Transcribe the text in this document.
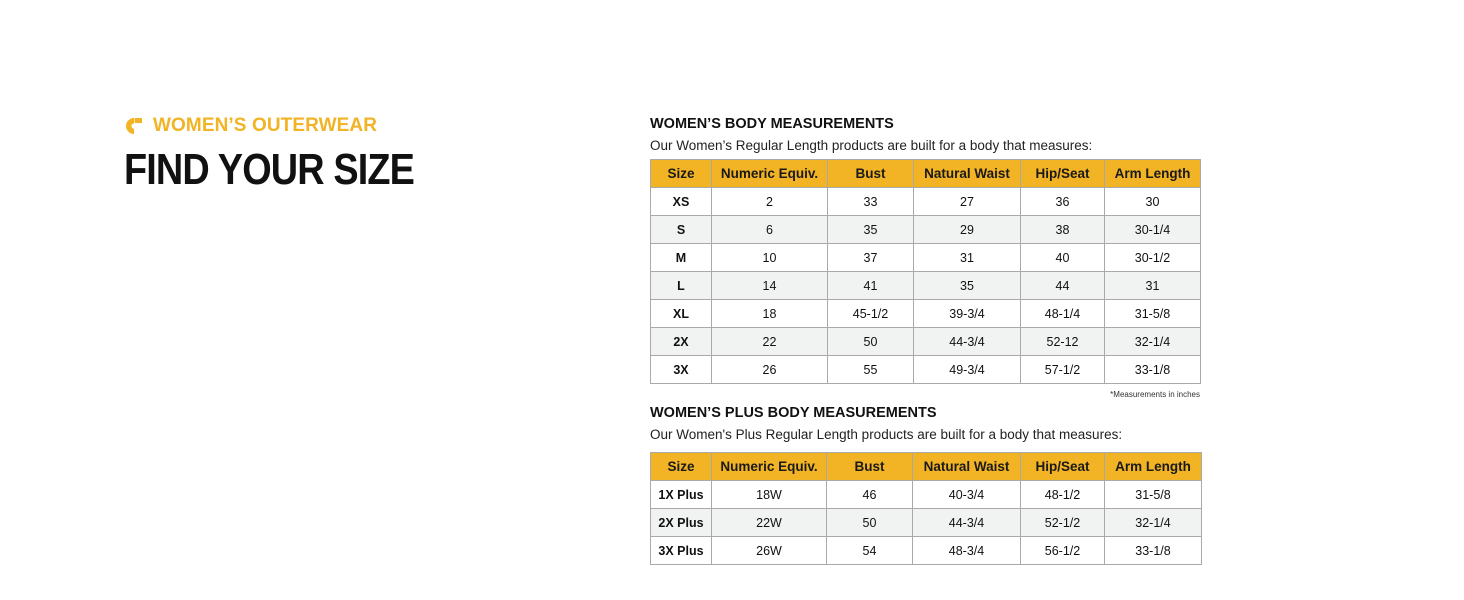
WOMEN’S OUTERWEAR
FIND YOUR SIZE
WOMEN’S BODY MEASUREMENTS

Our Women’s Regular Length products are built for a body that measures:

Size	Numeric Equiv.	Bust	Natural Waist	Hip/Seat	Arm Length
XS	2	33	27	36	30
S	6	35	29	38	30-1/4
M	10	37	31	40	30-1/2
L	14	41	35	44	31
XL	18	45-1/2	39-3/4	48-1/4	31-5/8
2X	22	50	44-3/4	52-12	32-1/4
3X	26	55	49-3/4	57-1/2	33-1/8
*Measurements in inches
WOMEN’S PLUS BODY MEASUREMENTS

Our Women's Plus Regular Length products are built for a body that measures:

Size	Numeric Equiv.	Bust	Natural Waist	Hip/Seat	Arm Length
1X Plus	18W	46	40-3/4	48-1/2	31-5/8
2X Plus	22W	50	44-3/4	52-1/2	32-1/4
3X Plus	26W	54	48-3/4	56-1/2	33-1/8
